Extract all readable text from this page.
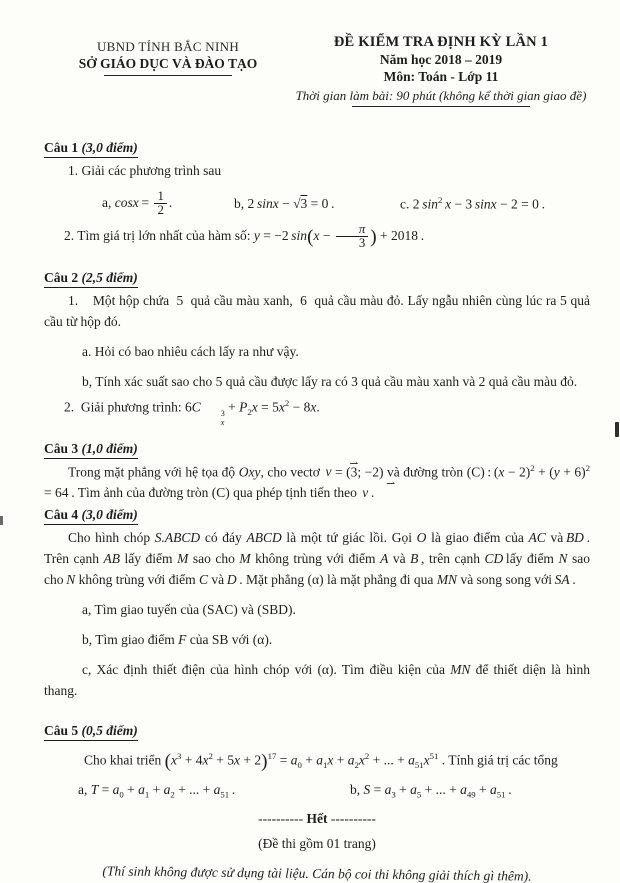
UBND TỈNH BẮC NINH
SỞ GIÁO DỤC VÀ ĐÀO TẠO
ĐỀ KIỂM TRA ĐỊNH KỲ LẦN 1
Năm học 2018 – 2019
Môn: Toán - Lớp 11
Thời gian làm bài: 90 phút (không kể thời gian giao đề)
Câu 1 (3,0 điểm)
1. Giải các phương trình sau
a, $\cos x = \frac{1}{2}$ .	b, 2 sinx − √3 = 0 .	c. 2 $\sin^2 x - 3$ sinx − 2 = 0 .
2. Tìm giá trị lớn nhất của hàm số: y = −2 $\sin(x - \frac{\pi}{3}$ ) + 2018 .
Câu 2 (2,5 điểm)
1.    Một hộp chứa  5  quả cầu màu xanh,  6  quả cầu màu đỏ. Lấy ngẫu nhiên cùng lúc ra 5 quả cầu từ hộp đó.
a. Hỏi có bao nhiêu cách lấy ra như vậy.
b, Tính xác suất sao cho 5 quả cầu được lấy ra có 3 quả cầu màu xanh và 2 quả cầu màu đỏ.
2.  Giải phương trình: 6C	3
x
+ $P_2x = 5x^2 - 8x$.
Câu 3 (1,0 điểm)
Trong mặt phẳng với hệ tọa độ Oxy, cho vectơ v ⇀ = (3; −2) và đường tròn (C) : $(x - 2)^2 + (y + 6)^2 = 64$ . Tìm ảnh của đường tròn (C) qua phép tịnh tiến theo v ⇀ .
Câu 4 (3,0 điểm)
Cho hình chóp S.ABCD có đáy ABCD là một tứ giác lồi. Gọi O là giao điểm của AC và BD . Trên cạnh AB lấy điểm M sao cho M không trùng với điểm A và B , trên cạnh CD lấy điểm N sao cho N không trùng với điểm C và D . Mặt phẳng (α) là mặt phẳng đi qua MN và song song với SA .
a, Tìm giao tuyến của (SAC) và (SBD).
b, Tìm giao điểm F của SB với (α).
c, Xác định thiết điện của hình chóp với (α). Tìm điều kiện của MN để thiết diện là hình thang.
Câu 5 (0,5 điểm)
Cho khai triển $(x^3 + 4x^2 + 5x + 2)^{17} = a_0 + a_1x + a_2x^2$ + ... + $a_{51}x^{51}$ . Tính giá trị các tổng
a, $T = a_0 + a_1 + a_2$ + ... + $a_{51}$ .	b, $S = a_3 + a_5$ + ... + $a_{49} + a_{51}$ .
---------- Hết ----------
(Đề thi gồm 01 trang)
(Thí sinh không được sử dụng tài liệu. Cán bộ coi thi không giải thích gì thêm).
